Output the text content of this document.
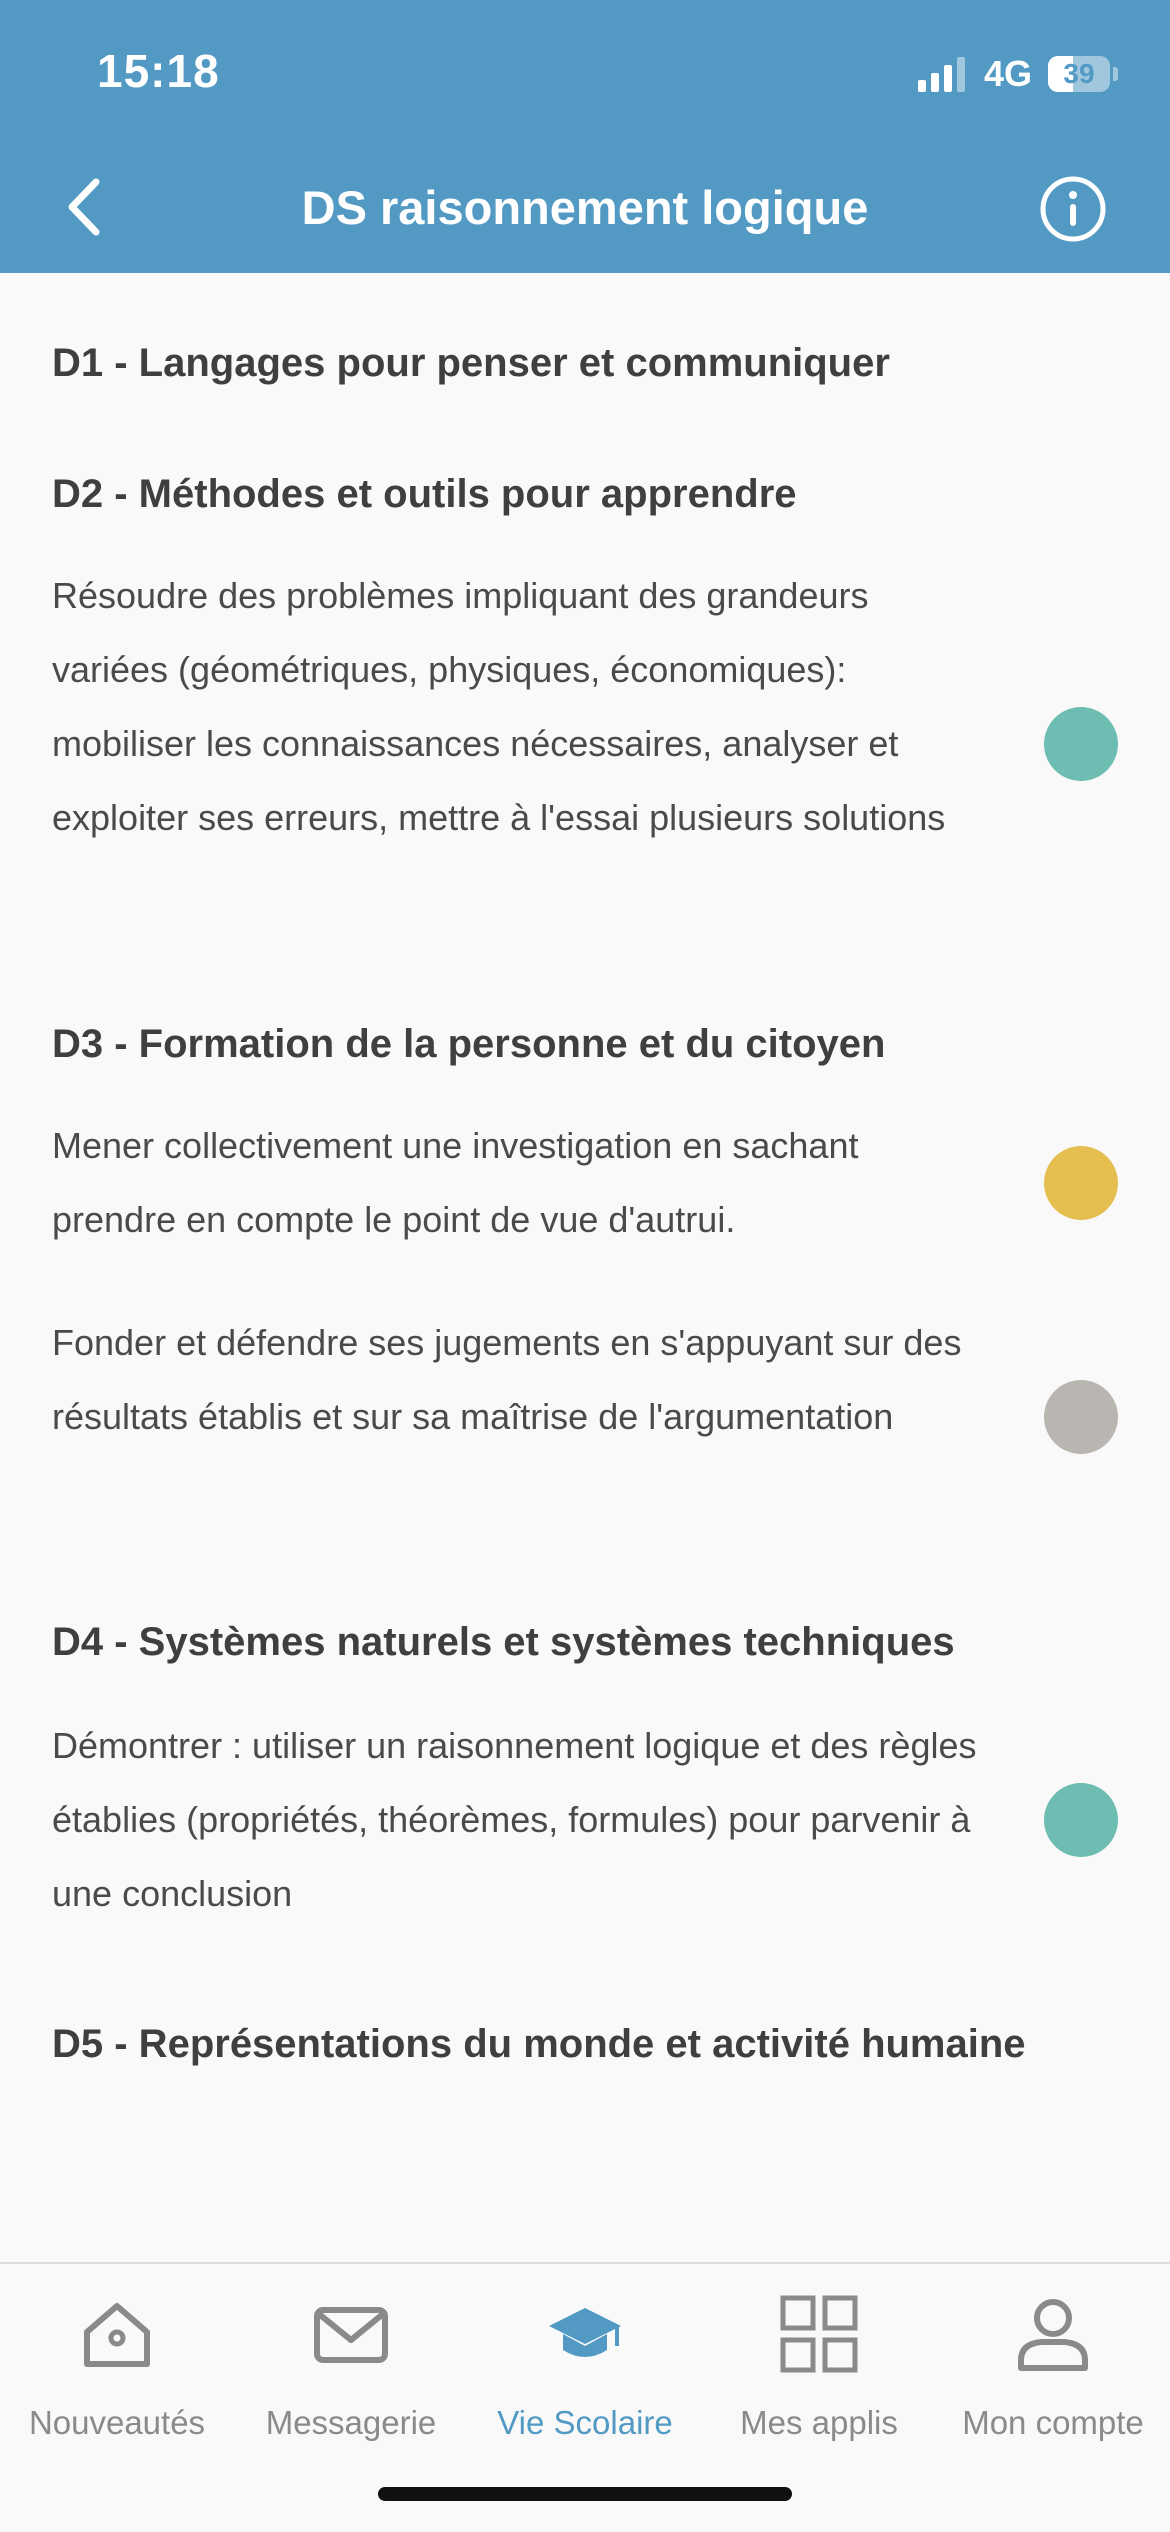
15:18	4G	39
DS raisonnement logique
D1 - Langages pour penser et communiquer
D2 - Méthodes et outils pour apprendre
Résoudre des problèmes impliquant des grandeurs variées (géométriques, physiques, économiques): mobiliser les connaissances nécessaires, analyser et exploiter ses erreurs, mettre à l'essai plusieurs solutions
D3 - Formation de la personne et du citoyen
Mener collectivement une investigation en sachant prendre en compte le point de vue d'autrui.
Fonder et défendre ses jugements en s'appuyant sur des résultats établis et sur sa maîtrise de l'argumentation
D4 - Systèmes naturels et systèmes techniques
Démontrer : utiliser un raisonnement logique et des règles établies (propriétés, théorèmes, formules) pour parvenir à une conclusion
D5 - Représentations du monde et activité humaine
Nouveautés	Messagerie	Vie Scolaire	Mes applis	Mon compte
